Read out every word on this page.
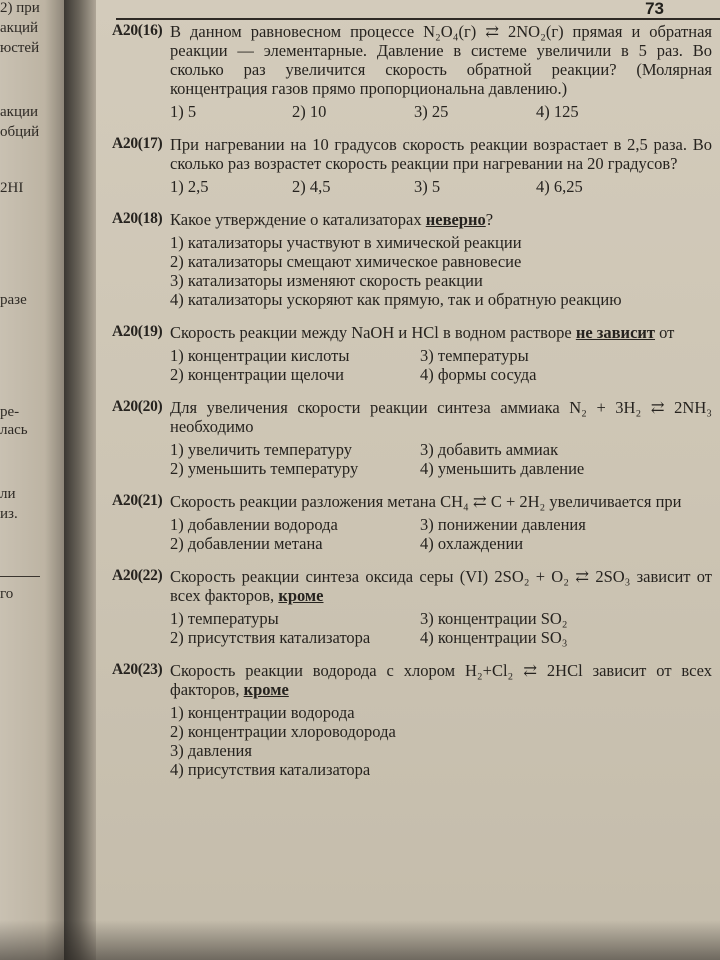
2) при
акций
юстей
акции
обций
2HI
разе
ре-
лась
ли
из.
го
73
A20(16) В данном равновесном процессе N₂O₄(г) ⇄ 2NO₂(г) прямая и обратная реакции — элементарные. Давление в системе увеличили в 5 раз. Во сколько раз увеличится скорость обратной реакции? (Молярная концентрация газов прямо пропорциональна давлению.)
1) 5	2) 10	3) 25	4) 125
A20(17) При нагревании на 10 градусов скорость реакции возрастает в 2,5 раза. Во сколько раз возрастет скорость реакции при нагревании на 20 градусов?
1) 2,5	2) 4,5	3) 5	4) 6,25
A20(18) Какое утверждение о катализаторах неверно?
1) катализаторы участвуют в химической реакции
2) катализаторы смещают химическое равновесие
3) катализаторы изменяют скорость реакции
4) катализаторы ускоряют как прямую, так и обратную реакцию
A20(19) Скорость реакции между NaOH и HCl в водном растворе не зависит от
1) концентрации кислоты	3) температуры
2) концентрации щелочи	4) формы сосуда
A20(20) Для увеличения скорости реакции синтеза аммиака N₂ + 3H₂ ⇄ 2NH₃ необходимо
1) увеличить температуру	3) добавить аммиак
2) уменьшить температуру	4) уменьшить давление
A20(21) Скорость реакции разложения метана CH₄ ⇄ C + 2H₂ увеличивается при
1) добавлении водорода	3) понижении давления
2) добавлении метана	4) охлаждении
A20(22) Скорость реакции синтеза оксида серы (VI) 2SO₂ + O₂ ⇄ 2SO₃ зависит от всех факторов, кроме
1) температуры	3) концентрации SO₂
2) присутствия катализатора	4) концентрации SO₃
A20(23) Скорость реакции водорода с хлором H₂+Cl₂ ⇄ 2HCl зависит от всех факторов, кроме
1) концентрации водорода
2) концентрации хлороводорода
3) давления
4) присутствия катализатора
